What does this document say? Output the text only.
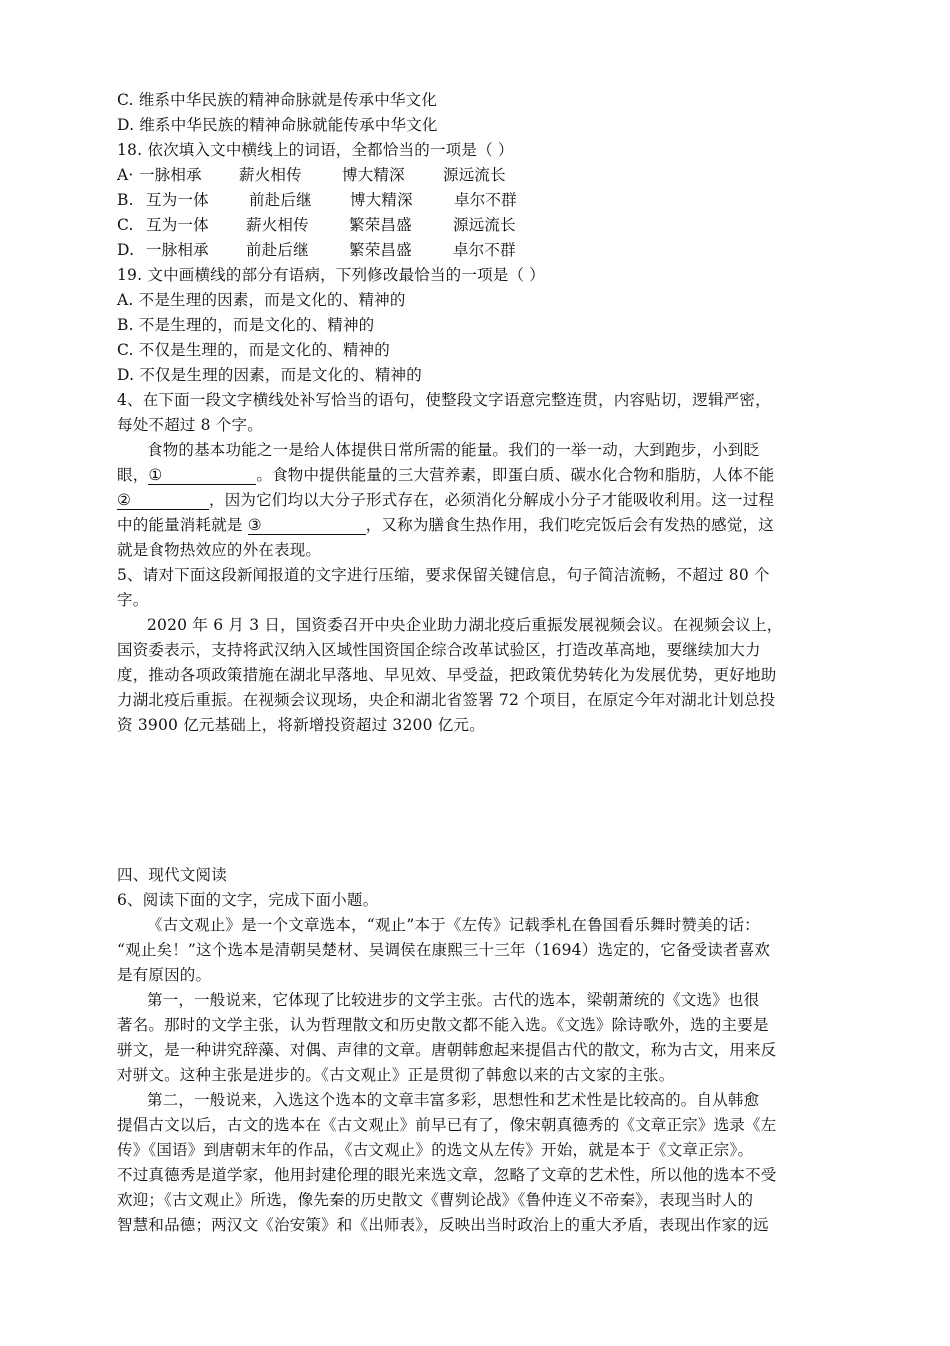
C. 维系中华民族的精神命脉就是传承中华文化
D. 维系中华民族的精神命脉就能传承中华文化
18. 依次填入文中横线上的词语，全都恰当的一项是（ ）
A· 一脉相承 薪火相传	博大精深 源远流长
B. 互为一体	前赴后继 博大精深	卓尔不群
C. 互为一体 薪火相传	繁荣昌盛	源远流长
D. 一脉相承 前赴后继	繁荣昌盛	卓尔不群
19. 文中画横线的部分有语病，下列修改最恰当的一项是（ ）
A. 不是生理的因素，而是文化的、精神的
B. 不是生理的，而是文化的、精神的
C. 不仅是生理的，而是文化的、精神的
D. 不仅是生理的因素，而是文化的、精神的
4、在下面一段文字横线处补写恰当的语句，使整段文字语意完整连贯，内容贴切，逻辑严密，
每处不超过 8 个字。
食物的基本功能之一是给人体提供日常所需的能量。我们的一举一动，大到跑步，小到眨
眼，①	。食物中提供能量的三大营养素，即蛋白质、碳水化合物和脂肪，人体不能
②	，因为它们均以大分子形式存在，必须消化分解成小分子才能吸收利用。这一过程
中的能量消耗就是 ③	，又称为膳食生热作用，我们吃完饭后会有发热的感觉，这
就是食物热效应的外在表现。
5、请对下面这段新闻报道的文字进行压缩，要求保留关键信息，句子简洁流畅，不超过 80 个
字。
2020 年 6 月 3 日，国资委召开中央企业助力湖北疫后重振发展视频会议。在视频会议上，
国资委表示，支持将武汉纳入区域性国资国企综合改革试验区，打造改革高地，要继续加大力
度，推动各项政策措施在湖北早落地、早见效、早受益，把政策优势转化为发展优势，更好地助
力湖北疫后重振。在视频会议现场，央企和湖北省签署 72 个项目，在原定今年对湖北计划总投
资 3900 亿元基础上，将新增投资超过 3200 亿元。
四、现代文阅读
6、阅读下面的文字，完成下面小题。
《古文观止》是一个文章选本，“观止”本于《左传》记载季札在鲁国看乐舞时赞美的话：
“观止矣！”这个选本是清朝吴楚材、吴调侯在康熙三十三年（1694）选定的，它备受读者喜欢
是有原因的。
第一，一般说来，它体现了比较进步的文学主张。古代的选本，梁朝萧统的《文选》也很
著名。那时的文学主张，认为哲理散文和历史散文都不能入选。《文选》除诗歌外，选的主要是
骈文，是一种讲究辞藻、对偶、声律的文章。唐朝韩愈起来提倡古代的散文，称为古文，用来反
对骈文。这种主张是进步的。《古文观止》正是贯彻了韩愈以来的古文家的主张。
第二，一般说来，入选这个选本的文章丰富多彩，思想性和艺术性是比较高的。自从韩愈
提倡古文以后，古文的选本在《古文观止》前早已有了，像宋朝真德秀的《文章正宗》选录《左
传》《国语》到唐朝末年的作品，《古文观止》的选文从左传》开始，就是本于《文章正宗》。
不过真德秀是道学家，他用封建伦理的眼光来选文章，忽略了文章的艺术性，所以他的选本不受
欢迎；《古文观止》所选，像先秦的历史散文《曹刿论战》《鲁仲连义不帝秦》，表现当时人的
智慧和品德；两汉文《治安策》和《出师表》，反映出当时政治上的重大矛盾，表现出作家的远
